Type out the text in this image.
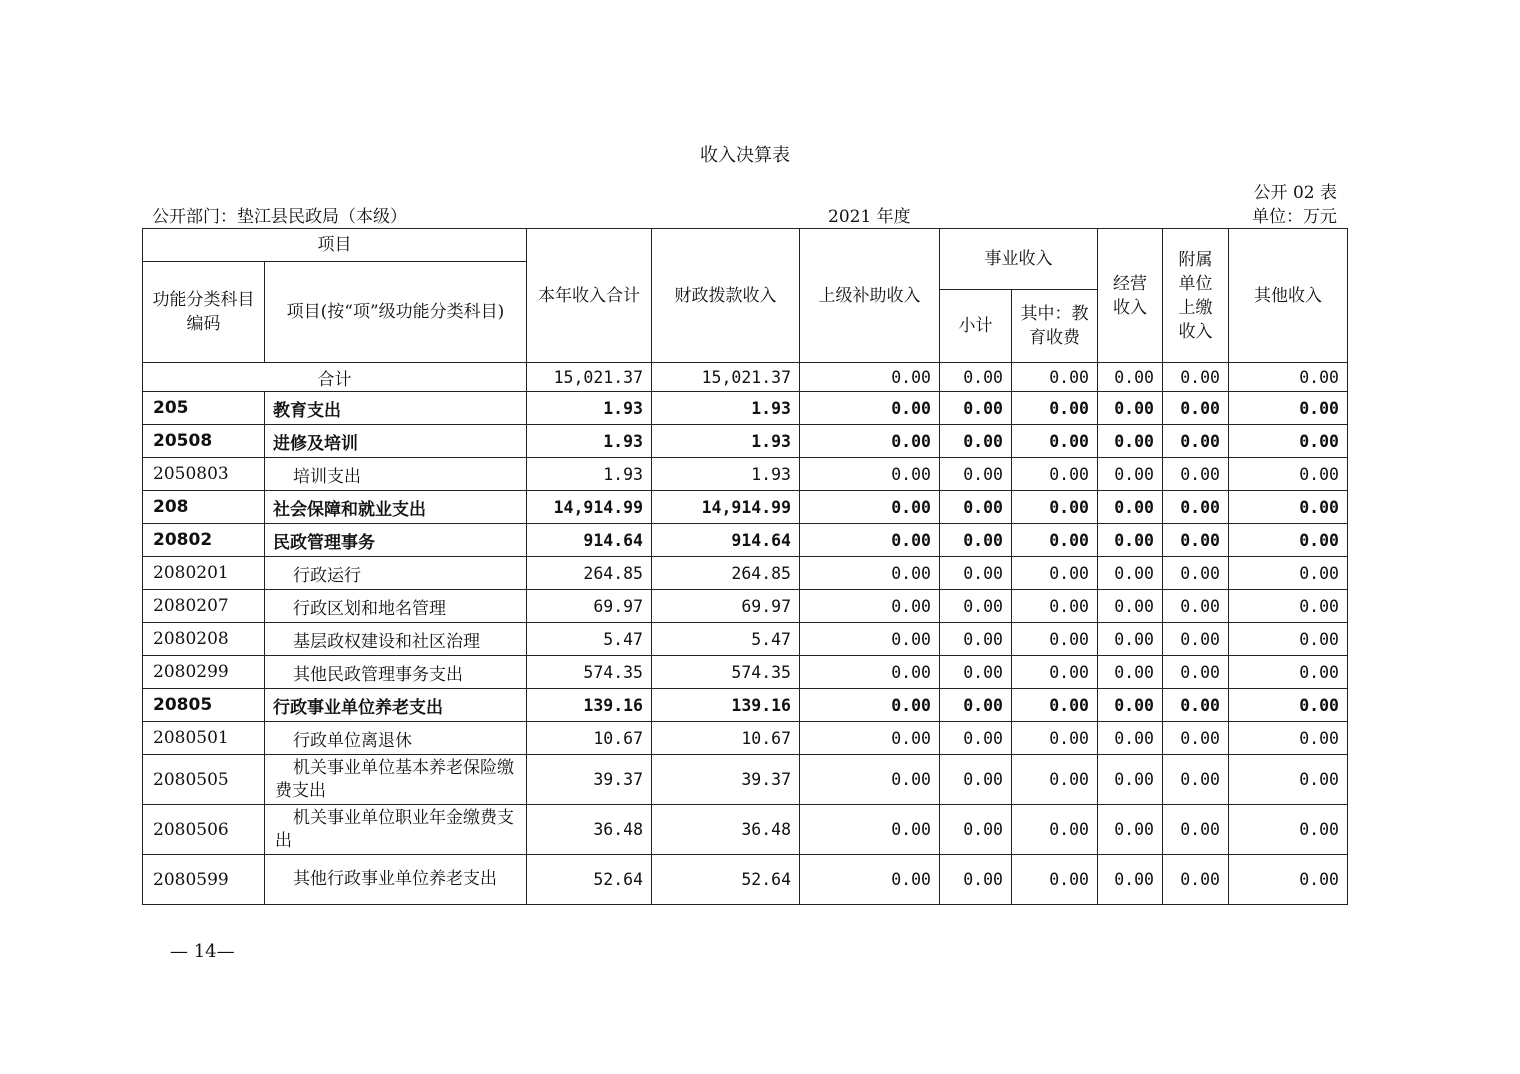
收入决算表
公开 02 表
公开部门：垫江县民政局（本级）	2021 年度	单位：万元
项目		本年收入合计	财政拨款收入	上级补助收入	事业收入		经营收入	附属单位上缴收入	其他收入
功能分类科目编码	项目(按“项”级功能分类科目)								
					小计	其中：教育收费			
合计		15,021.37	15,021.37	0.00	0.00	0.00	0.00	0.00	0.00
205	教育支出	1.93	1.93	0.00	0.00	0.00	0.00	0.00	0.00
20508	进修及培训	1.93	1.93	0.00	0.00	0.00	0.00	0.00	0.00
2050803	培训支出	1.93	1.93	0.00	0.00	0.00	0.00	0.00	0.00
208	社会保障和就业支出	14,914.99	14,914.99	0.00	0.00	0.00	0.00	0.00	0.00
20802	民政管理事务	914.64	914.64	0.00	0.00	0.00	0.00	0.00	0.00
2080201	行政运行	264.85	264.85	0.00	0.00	0.00	0.00	0.00	0.00
2080207	行政区划和地名管理	69.97	69.97	0.00	0.00	0.00	0.00	0.00	0.00
2080208	基层政权建设和社区治理	5.47	5.47	0.00	0.00	0.00	0.00	0.00	0.00
2080299	其他民政管理事务支出	574.35	574.35	0.00	0.00	0.00	0.00	0.00	0.00
20805	行政事业单位养老支出	139.16	139.16	0.00	0.00	0.00	0.00	0.00	0.00
2080501	行政单位离退休	10.67	10.67	0.00	0.00	0.00	0.00	0.00	0.00
2080505	机关事业单位基本养老保险缴费支出	39.37	39.37	0.00	0.00	0.00	0.00	0.00	0.00
2080506	机关事业单位职业年金缴费支出	36.48	36.48	0.00	0.00	0.00	0.00	0.00	0.00
2080599	其他行政事业单位养老支出	52.64	52.64	0.00	0.00	0.00	0.00	0.00	0.00
— 14—
